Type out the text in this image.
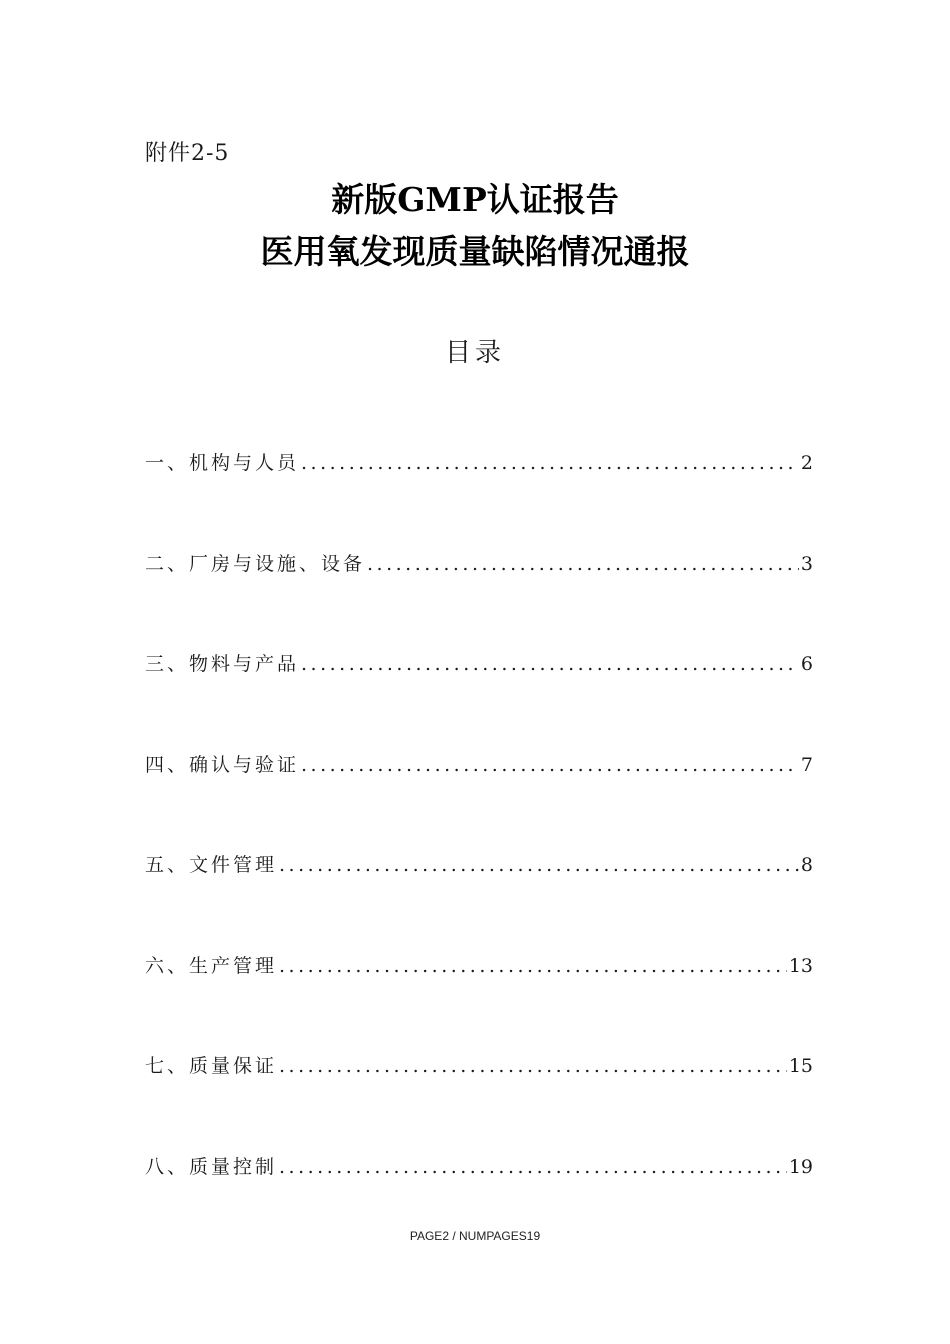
附件2-5
新版GMP认证报告
医用氧发现质量缺陷情况通报
目录
一、机构与人员 .....	2
二、厂房与设施、设备 .....	3
三、物料与产品 .....	6
四、确认与验证 .....	7
五、文件管理 .....	8
六、生产管理 .....	13
七、质量保证 .....	15
八、质量控制 .....	19
PAGE2 / NUMPAGES19
